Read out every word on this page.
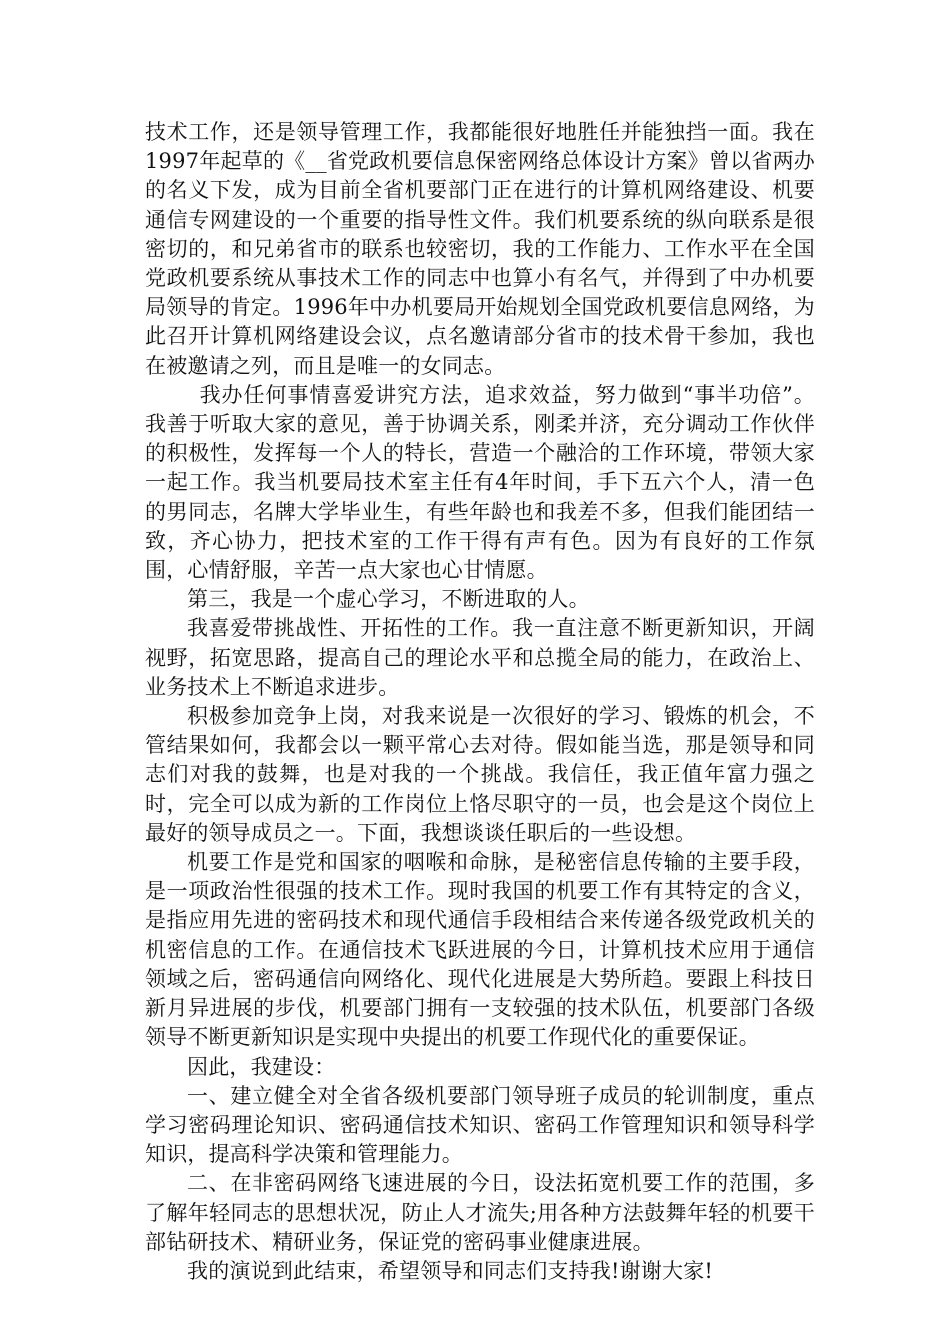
技术工作，还是领导管理工作，我都能很好地胜任并能独挡一面。我在1997年起草的《__省党政机要信息保密网络总体设计方案》曾以省两办的名义下发，成为目前全省机要部门正在进行的计算机网络建设、机要通信专网建设的一个重要的指导性文件。我们机要系统的纵向联系是很密切的，和兄弟省市的联系也较密切，我的工作能力、工作水平在全国党政机要系统从事技术工作的同志中也算小有名气，并得到了中办机要局领导的肯定。1996年中办机要局开始规划全国党政机要信息网络，为此召开计算机网络建设会议，点名邀请部分省市的技术骨干参加，我也在被邀请之列，而且是唯一的女同志。

我办任何事情喜爱讲究方法，追求效益，努力做到“事半功倍”。我善于听取大家的意见，善于协调关系，刚柔并济，充分调动工作伙伴的积极性，发挥每一个人的特长，营造一个融洽的工作环境，带领大家一起工作。我当机要局技术室主任有4年时间，手下五六个人，清一色的男同志，名牌大学毕业生，有些年龄也和我差不多，但我们能团结一致，齐心协力，把技术室的工作干得有声有色。因为有良好的工作氛围，心情舒服，辛苦一点大家也心甘情愿。

第三，我是一个虚心学习，不断进取的人。

我喜爱带挑战性、开拓性的工作。我一直注意不断更新知识，开阔视野，拓宽思路，提高自己的理论水平和总揽全局的能力，在政治上、业务技术上不断追求进步。

积极参加竞争上岗，对我来说是一次很好的学习、锻炼的机会，不管结果如何，我都会以一颗平常心去对待。假如能当选，那是领导和同志们对我的鼓舞，也是对我的一个挑战。我信任，我正值年富力强之时，完全可以成为新的工作岗位上恪尽职守的一员，也会是这个岗位上最好的领导成员之一。下面，我想谈谈任职后的一些设想。

机要工作是党和国家的咽喉和命脉，是秘密信息传输的主要手段，是一项政治性很强的技术工作。现时我国的机要工作有其特定的含义，是指应用先进的密码技术和现代通信手段相结合来传递各级党政机关的机密信息的工作。在通信技术飞跃进展的今日，计算机技术应用于通信领域之后，密码通信向网络化、现代化进展是大势所趋。要跟上科技日新月异进展的步伐，机要部门拥有一支较强的技术队伍，机要部门各级领导不断更新知识是实现中央提出的机要工作现代化的重要保证。

因此，我建设：

一、建立健全对全省各级机要部门领导班子成员的轮训制度，重点学习密码理论知识、密码通信技术知识、密码工作管理知识和领导科学知识，提高科学决策和管理能力。

二、在非密码网络飞速进展的今日，设法拓宽机要工作的范围，多了解年轻同志的思想状况，防止人才流失;用各种方法鼓舞年轻的机要干部钻研技术、精研业务，保证党的密码事业健康进展。

我的演说到此结束，希望领导和同志们支持我!谢谢大家!
